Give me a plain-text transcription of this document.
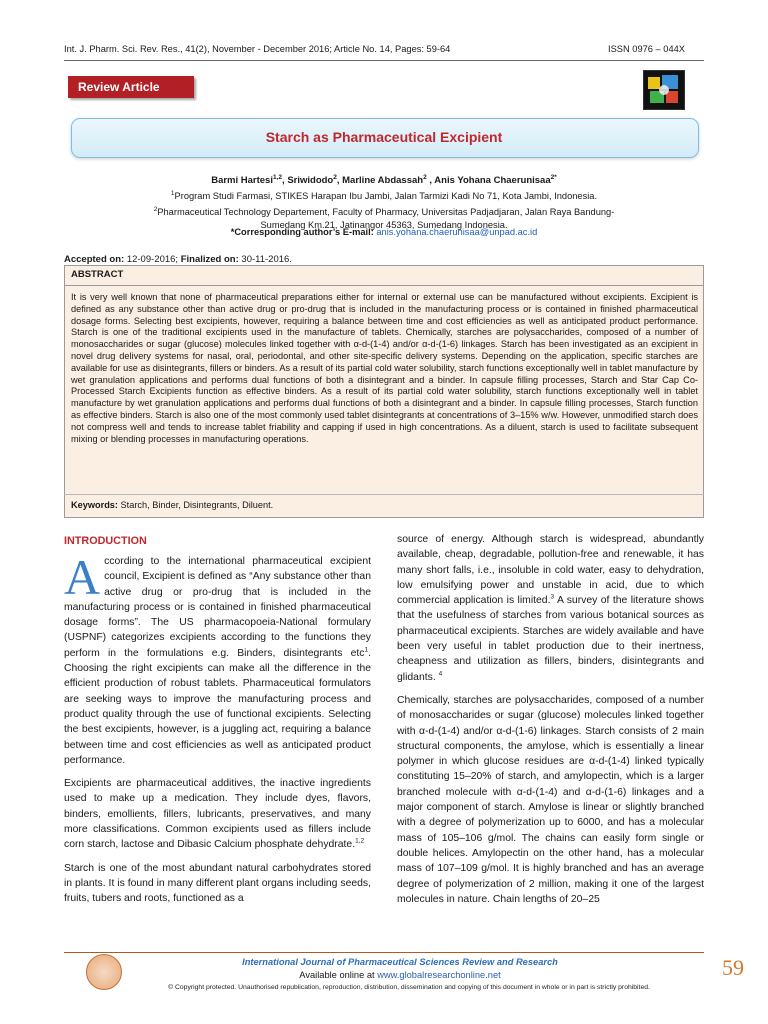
Int. J. Pharm. Sci. Rev. Res., 41(2), November - December 2016; Article No. 14, Pages: 59-64	ISSN 0976 – 044X
Review Article
Starch as Pharmaceutical Excipient
Barmi Hartesi$^{1,2}$, Sriwidodo$^2$, Marline Abdassah$^2$ , Anis Yohana Chaerunisaa$^{2*}$
$^1$Program Studi Farmasi, STIKES Harapan Ibu Jambi, Jalan Tarmizi Kadi No 71, Kota Jambi, Indonesia.
$^2$Pharmaceutical Technology Departement, Faculty of Pharmacy, Universitas Padjadjaran, Jalan Raya Bandung-
Sumedang Km.21, Jatinangor 45363, Sumedang Indonesia.
*Corresponding author’s E-mail: anis.yohana.chaerunisaa@unpad.ac.id
Accepted on: 12-09-2016; Finalized on: 30-11-2016.
ABSTRACT
It is very well known that none of pharmaceutical preparations either for internal or external use can be manufactured without excipients. Excipient is defined as any substance other than active drug or pro-drug that is included in the manufacturing process or is contained in finished pharmaceutical dosage forms. Selecting best excipients, however, requiring a balance between time and cost efficiencies as well as anticipated product performance. Starch is one of the traditional excipients used in the manufacture of tablets. Chemically, starches are polysaccharides, composed of a number of monosaccharides or sugar (glucose) molecules linked together with α-d-(1-4) and/or α-d-(1-6) linkages. Starch has been investigated as an excipient in novel drug delivery systems for nasal, oral, periodontal, and other site-specific delivery systems. Depending on the application, specific starches are available for use as disintegrants, fillers or binders. As a result of its partial cold water solubility, starch functions exceptionally well in tablet manufacture by wet granulation applications and performs dual functions of both a disintegrant and a binder. In capsule filling processes, Starch and Star Cap Co-Processed Starch Excipients function as effective binders. As a result of its partial cold water solubility, starch functions exceptionally well in tablet manufacture by wet granulation applications and performs dual functions of both a disintegrant and a binder. In capsule filling processes, Starch function as effective binders. Starch is also one of the most commonly used tablet disintegrants at concentrations of 3–15% w/w. However, unmodified starch does not compress well and tends to increase tablet friability and capping if used in high concentrations. As a diluent, starch is used to facilitate subsequent mixing or blending processes in manufacturing operations.
Keywords: Starch, Binder, Disintegrants, Diluent.
INTRODUCTION

According to the international pharmaceutical excipient council, Excipient is defined as “Any substance other than active drug or pro-drug that is included in the manufacturing process or is contained in finished pharmaceutical dosage forms”. The US pharmacopoeia-National formulary (USPNF) categorizes excipients according to the functions they perform in the formulations e.g. Binders, disintegrants etc$^1$. Choosing the right excipients can make all the difference in the efficient production of robust tablets. Pharmaceutical formulators are seeking ways to improve the manufacturing process and product quality through the use of functional excipients. Selecting the best excipients, however, is a juggling act, requiring a balance between time and cost efficiencies as well as anticipated product performance.

Excipients are pharmaceutical additives, the inactive ingredients used to make up a medication. They include dyes, flavors, binders, emollients, fillers, lubricants, preservatives, and many more classifications. Common excipients used as fillers include corn starch, lactose and Dibasic Calcium phosphate dehydrate.$^{1,2}$

Starch is one of the most abundant natural carbohydrates stored in plants. It is found in many different plant organs including seeds, fruits, tubers and roots, functioned as a

source of energy. Although starch is widespread, abundantly available, cheap, degradable, pollution-free and renewable, it has many short falls, i.e., insoluble in cold water, easy to dehydration, low emulsifying power and unstable in acid, due to which commercial application is limited.$^3$ A survey of the literature shows that the usefulness of starches from various botanical sources as pharmaceutical excipients. Starches are widely available and have been very useful in tablet production due to their inertness, cheapness and utilization as fillers, binders, disintegrants and glidants. $^4$

Chemically, starches are polysaccharides, composed of a number of monosaccharides or sugar (glucose) molecules linked together with α-d-(1-4) and/or α-d-(1-6) linkages. Starch consists of 2 main structural components, the amylose, which is essentially a linear polymer in which glucose residues are α-d-(1-4) linked typically constituting 15–20% of starch, and amylopectin, which is a larger branched molecule with α-d-(1-4) and α-d-(1-6) linkages and a major component of starch. Amylose is linear or slightly branched with a degree of polymerization up to 6000, and has a molecular mass of 105–106 g/mol. The chains can easily form single or double helices. Amylopectin on the other hand, has a molecular mass of 107–109 g/mol. It is highly branched and has an average degree of polymerization of 2 million, making it one of the largest molecules in nature. Chain lengths of 20–25

International Journal of Pharmaceutical Sciences Review and Research
Available online at www.globalresearchonline.net
© Copyright protected. Unauthorised republication, reproduction, distribution, dissemination and copying of this document in whole or in part is strictly prohibited.
59
